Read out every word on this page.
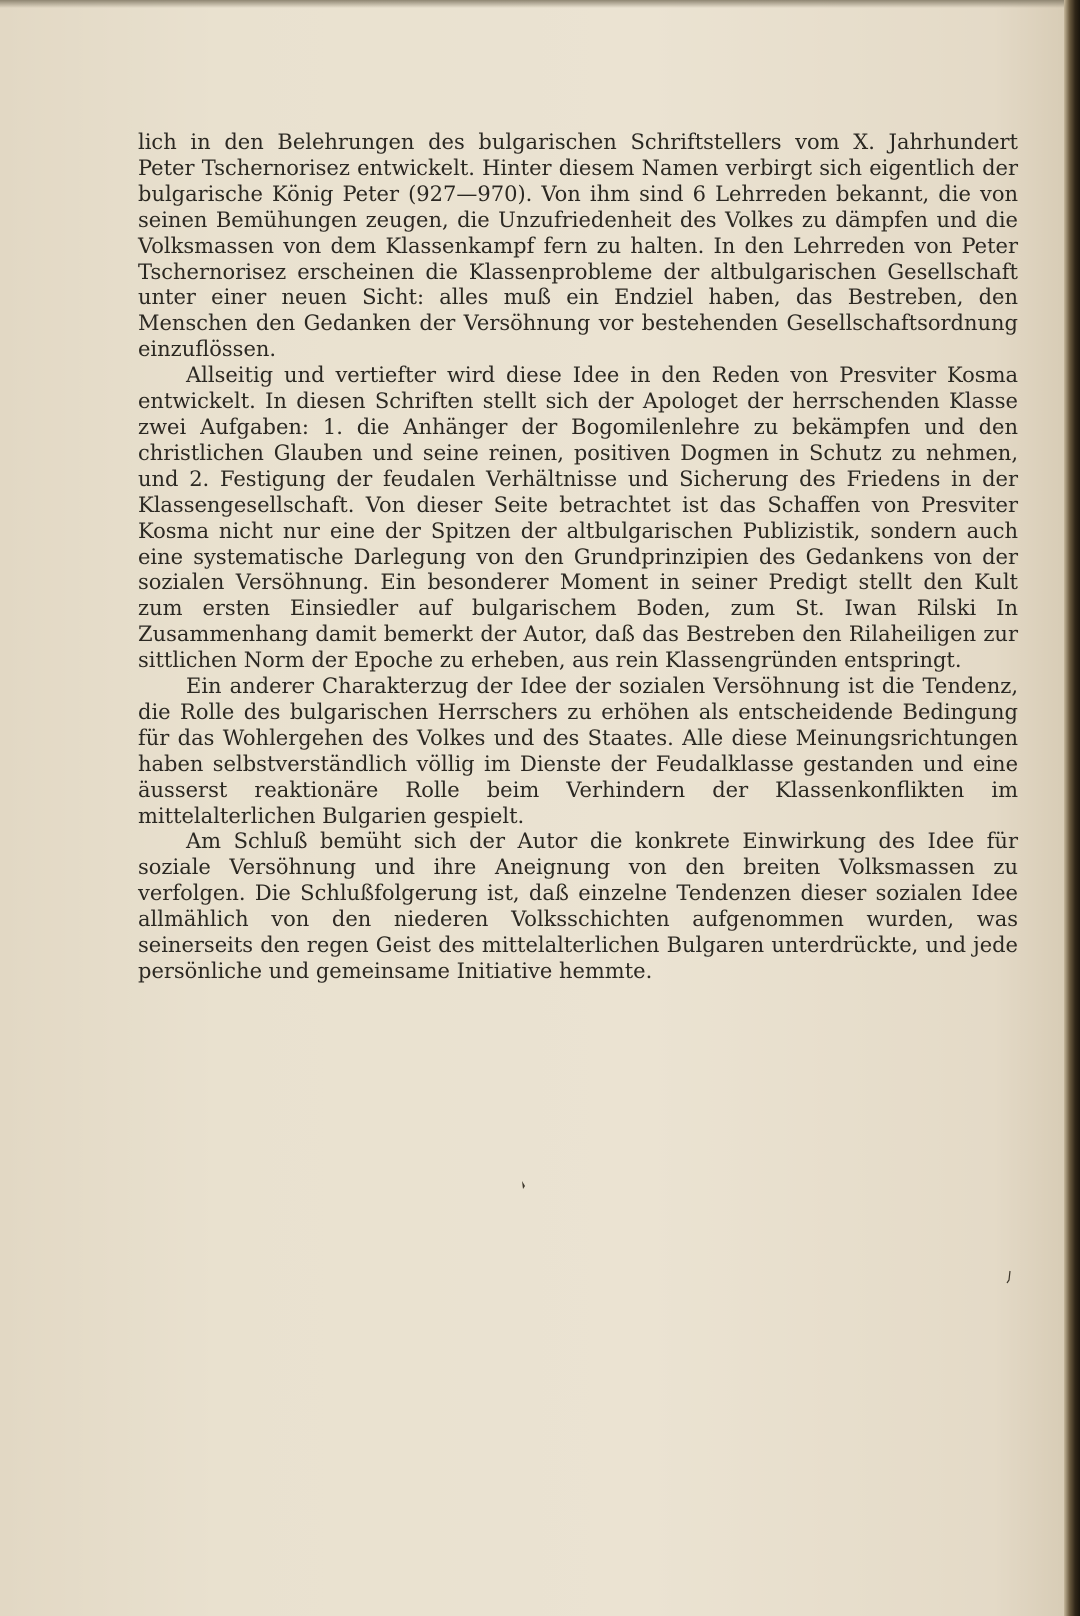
lich in den Belehrungen des bulgarischen Schriftstellers vom X. Jahrhundert Peter Tschernorisez entwickelt. Hinter diesem Namen verbirgt sich eigentlich der bulgarische König Peter (927—970). Von ihm sind 6 Lehrreden bekannt, die von seinen Bemühungen zeugen, die Unzufriedenheit des Volkes zu dämpfen und die Volksmassen von dem Klassenkampf fern zu halten. In den Lehrreden von Peter Tschernorisez erscheinen die Klassenprobleme der altbulgarischen Gesellschaft unter einer neuen Sicht: alles muß ein Endziel haben, das Bestreben, den Menschen den Gedanken der Versöhnung vor bestehenden Gesellschaftsordnung einzuflössen.

Allseitig und vertiefter wird diese Idee in den Reden von Presviter Kosma entwickelt. In diesen Schriften stellt sich der Apologet der herrschenden Klasse zwei Aufgaben: 1. die Anhänger der Bogomilenlehre zu bekämpfen und den christlichen Glauben und seine reinen, positiven Dogmen in Schutz zu nehmen, und 2. Festigung der feudalen Verhältnisse und Sicherung des Friedens in der Klassengesellschaft. Von dieser Seite betrachtet ist das Schaffen von Presviter Kosma nicht nur eine der Spitzen der altbulgarischen Publizistik, sondern auch eine systematische Darlegung von den Grundprinzipien des Gedankens von der sozialen Versöhnung. Ein besonderer Moment in seiner Predigt stellt den Kult zum ersten Einsiedler auf bulgarischem Boden, zum St. Iwan Rilski In Zusammenhang damit bemerkt der Autor, daß das Bestreben den Rilaheiligen zur sittlichen Norm der Epoche zu erheben, aus rein Klassengründen entspringt.

Ein anderer Charakterzug der Idee der sozialen Versöhnung ist die Tendenz, die Rolle des bulgarischen Herrschers zu erhöhen als entscheidende Bedingung für das Wohlergehen des Volkes und des Staates. Alle diese Meinungsrichtungen haben selbstverständlich völlig im Dienste der Feudalklasse gestanden und eine äusserst reaktionäre Rolle beim Verhindern der Klassenkonflikten im mittelalterlichen Bulgarien gespielt.

Am Schluß bemüht sich der Autor die konkrete Einwirkung des Idee für soziale Versöhnung und ihre Aneignung von den breiten Volksmassen zu verfolgen. Die Schlußfolgerung ist, daß einzelne Tendenzen dieser sozialen Idee allmählich von den niederen Volksschichten aufgenommen wurden, was seinerseits den regen Geist des mittelalterlichen Bulgaren unterdrückte, und jede persönliche und gemeinsame Initiative hemmte.
